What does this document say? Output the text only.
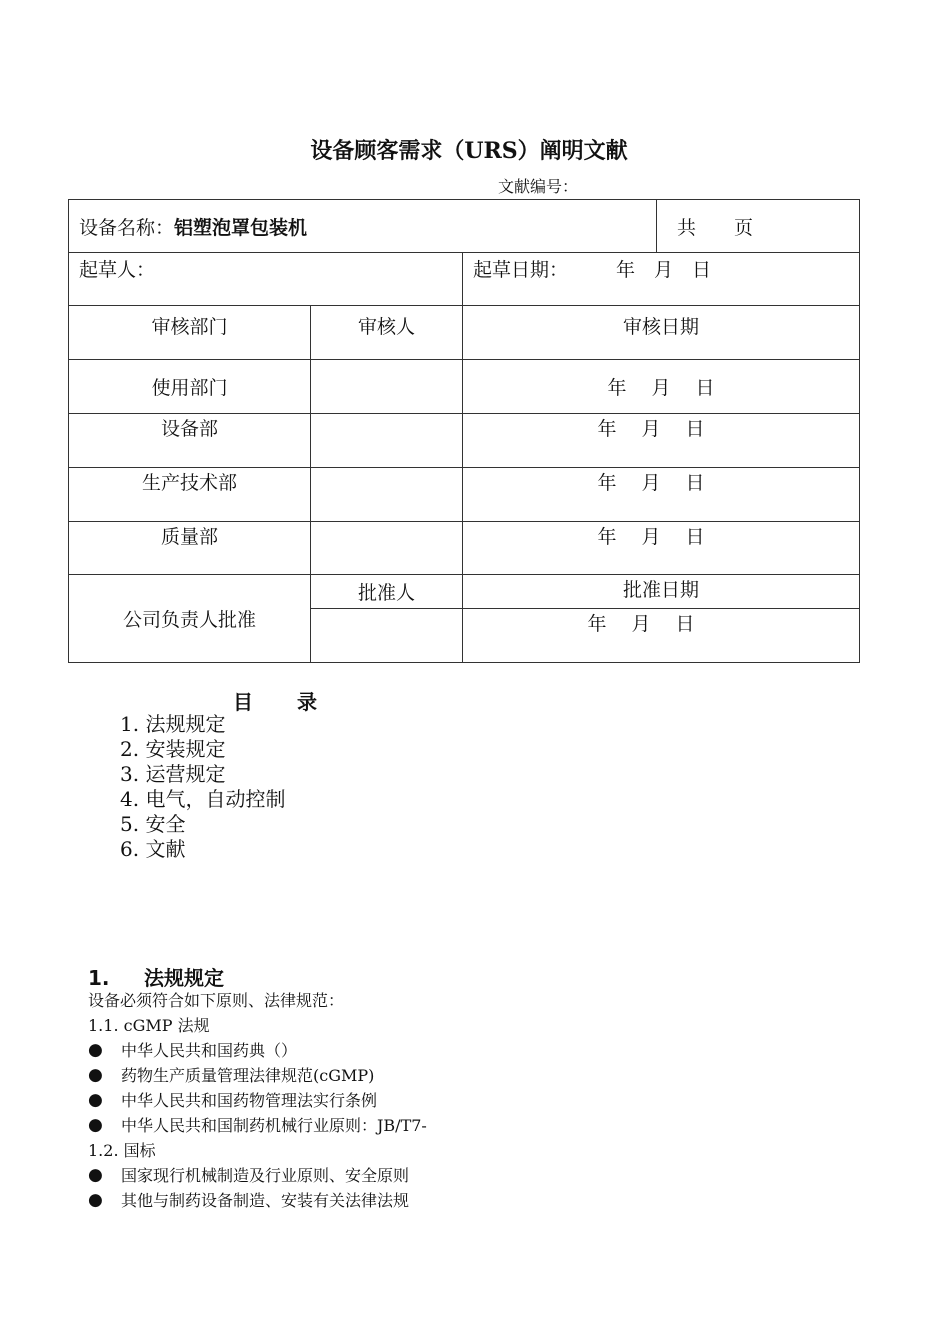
设备顾客需求（URS）阐明文献
文献编号：
设备名称：铝塑泡罩包装机			共　　页
起草人：		起草日期： 年　月　日	
审核部门	审核人	审核日期	
使用部门		年　 月　 日	
设备部		年　 月　 日	
生产技术部		年　 月　 日	
质量部		年　 月　 日	
公司负责人批准	批准人	批准日期	
		年　 月　 日	
目 录
1. 法规规定
2. 安装规定
3. 运营规定
4. 电气，自动控制
5. 安全
6. 文献
1. 法规规定
设备必须符合如下原则、法律规范：
1.1. cGMP 法规
●	中华人民共和国药典（）
●	药物生产质量管理法律规范(cGMP)
●	中华人民共和国药物管理法实行条例
●	中华人民共和国制药机械行业原则：JB/T7-
1.2. 国标
●	国家现行机械制造及行业原则、安全原则
●	其他与制药设备制造、安装有关法律法规
